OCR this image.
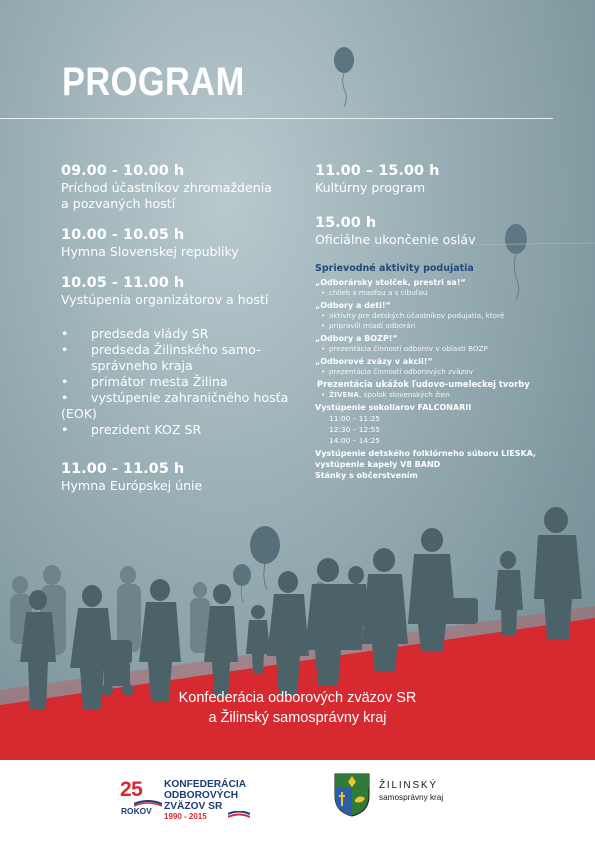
PROGRAM
09.00 - 10.00 h
Príchod účastníkov zhromaždenia
a pozvaných hostí
10.00 - 10.05 h
Hymna Slovenskej republiky
10.05 - 11.00 h
Vystúpenia organizátorov a hostí
• predseda vlády SR
• predseda Žilinského samo-
správneho kraja
• primátor mesta Žilina
• vystúpenie zahraničného hosťa
(EOK)
• prezident KOZ SR
11.00 - 11.05 h
Hymna Európskej únie
11.00 – 15.00 h
Kultúrny program
15.00 h
Oficiálne ukončenie osláv
Sprievodné aktivity podujatia
„Odborársky stolček, prestri sa!“
• chlieb s masťou a s cibuľou
„Odbory a deti!“
• aktivity pre detských účastníkov podujatia, ktoré
• pripravili mladí odborári
„Odbory a BOZP!“
• prezentácia činností odborov v oblasti BOZP
„Odborové zväzy v akcii!“
• prezentácia činností odborových zväzov
Prezentácia ukážok ľudovo-umeleckej tvorby
• ŽIVENA, spolok slovenských žien
Vystúpenie sokoliarov FALCONARII
11:00 – 11:25
12:30 – 12:55
14:00 – 14:25
Vystúpenie detského folklórneho súboru LIESKA,
vystúpenie kapely V8 BAND
Stánky s občerstvením
Konfederácia odborových zväzov SR
a Žilinský samosprávny kraj
25
ROKOV
KONFEDERÁCIA
ODBOROVÝCH
ZVÄZOV SR
1990 - 2015
ŽILINSKÝ
samosprávny kraj
